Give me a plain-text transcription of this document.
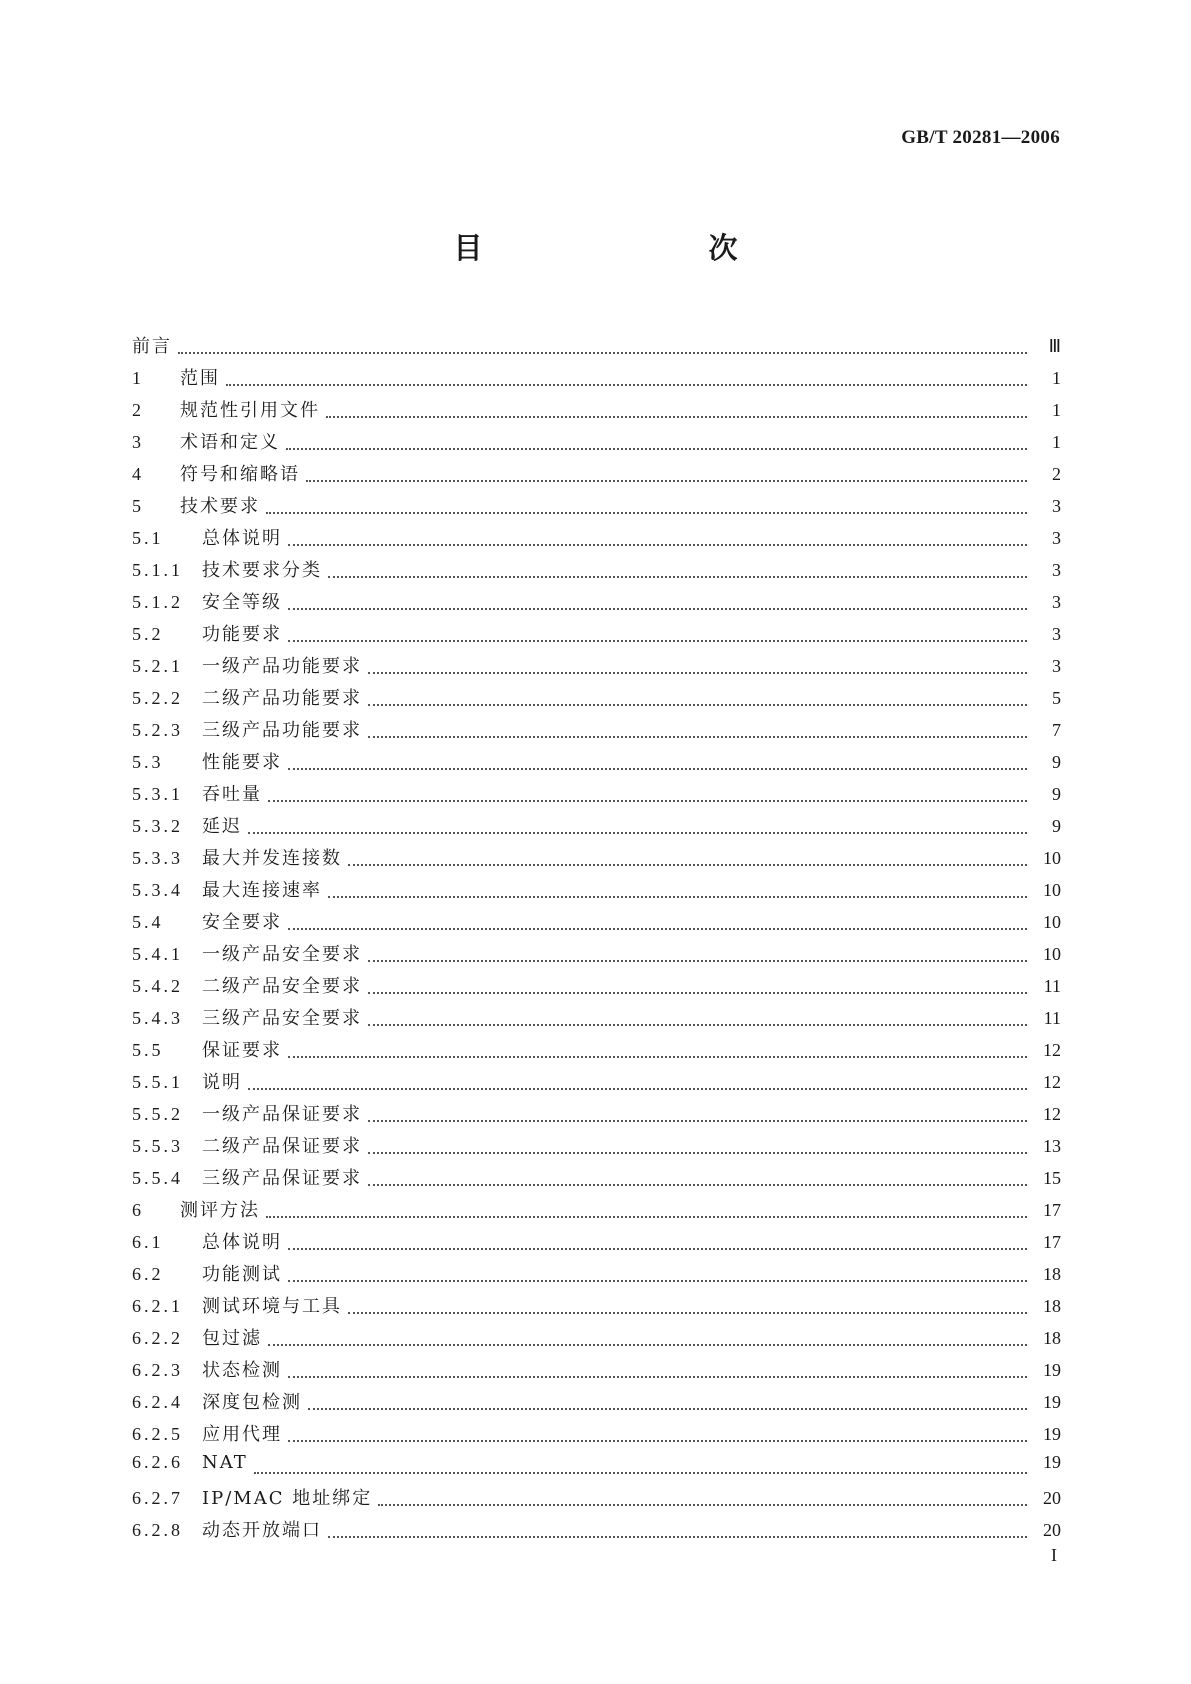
GB/T 20281—2006
目　　次
前言	Ⅲ
1	范围	1
2	规范性引用文件	1
3	术语和定义	1
4	符号和缩略语	2
5	技术要求	3
5.1	总体说明	3
5.1.1	技术要求分类	3
5.1.2	安全等级	3
5.2	功能要求	3
5.2.1	一级产品功能要求	3
5.2.2	二级产品功能要求	5
5.2.3	三级产品功能要求	7
5.3	性能要求	9
5.3.1	吞吐量	9
5.3.2	延迟	9
5.3.3	最大并发连接数	10
5.3.4	最大连接速率	10
5.4	安全要求	10
5.4.1	一级产品安全要求	10
5.4.2	二级产品安全要求	11
5.4.3	三级产品安全要求	11
5.5	保证要求	12
5.5.1	说明	12
5.5.2	一级产品保证要求	12
5.5.3	二级产品保证要求	13
5.5.4	三级产品保证要求	15
6	测评方法	17
6.1	总体说明	17
6.2	功能测试	18
6.2.1	测试环境与工具	18
6.2.2	包过滤	18
6.2.3	状态检测	19
6.2.4	深度包检测	19
6.2.5	应用代理	19
6.2.6	NAT	19
6.2.7	IP/MAC 地址绑定	20
6.2.8	动态开放端口	20
I
